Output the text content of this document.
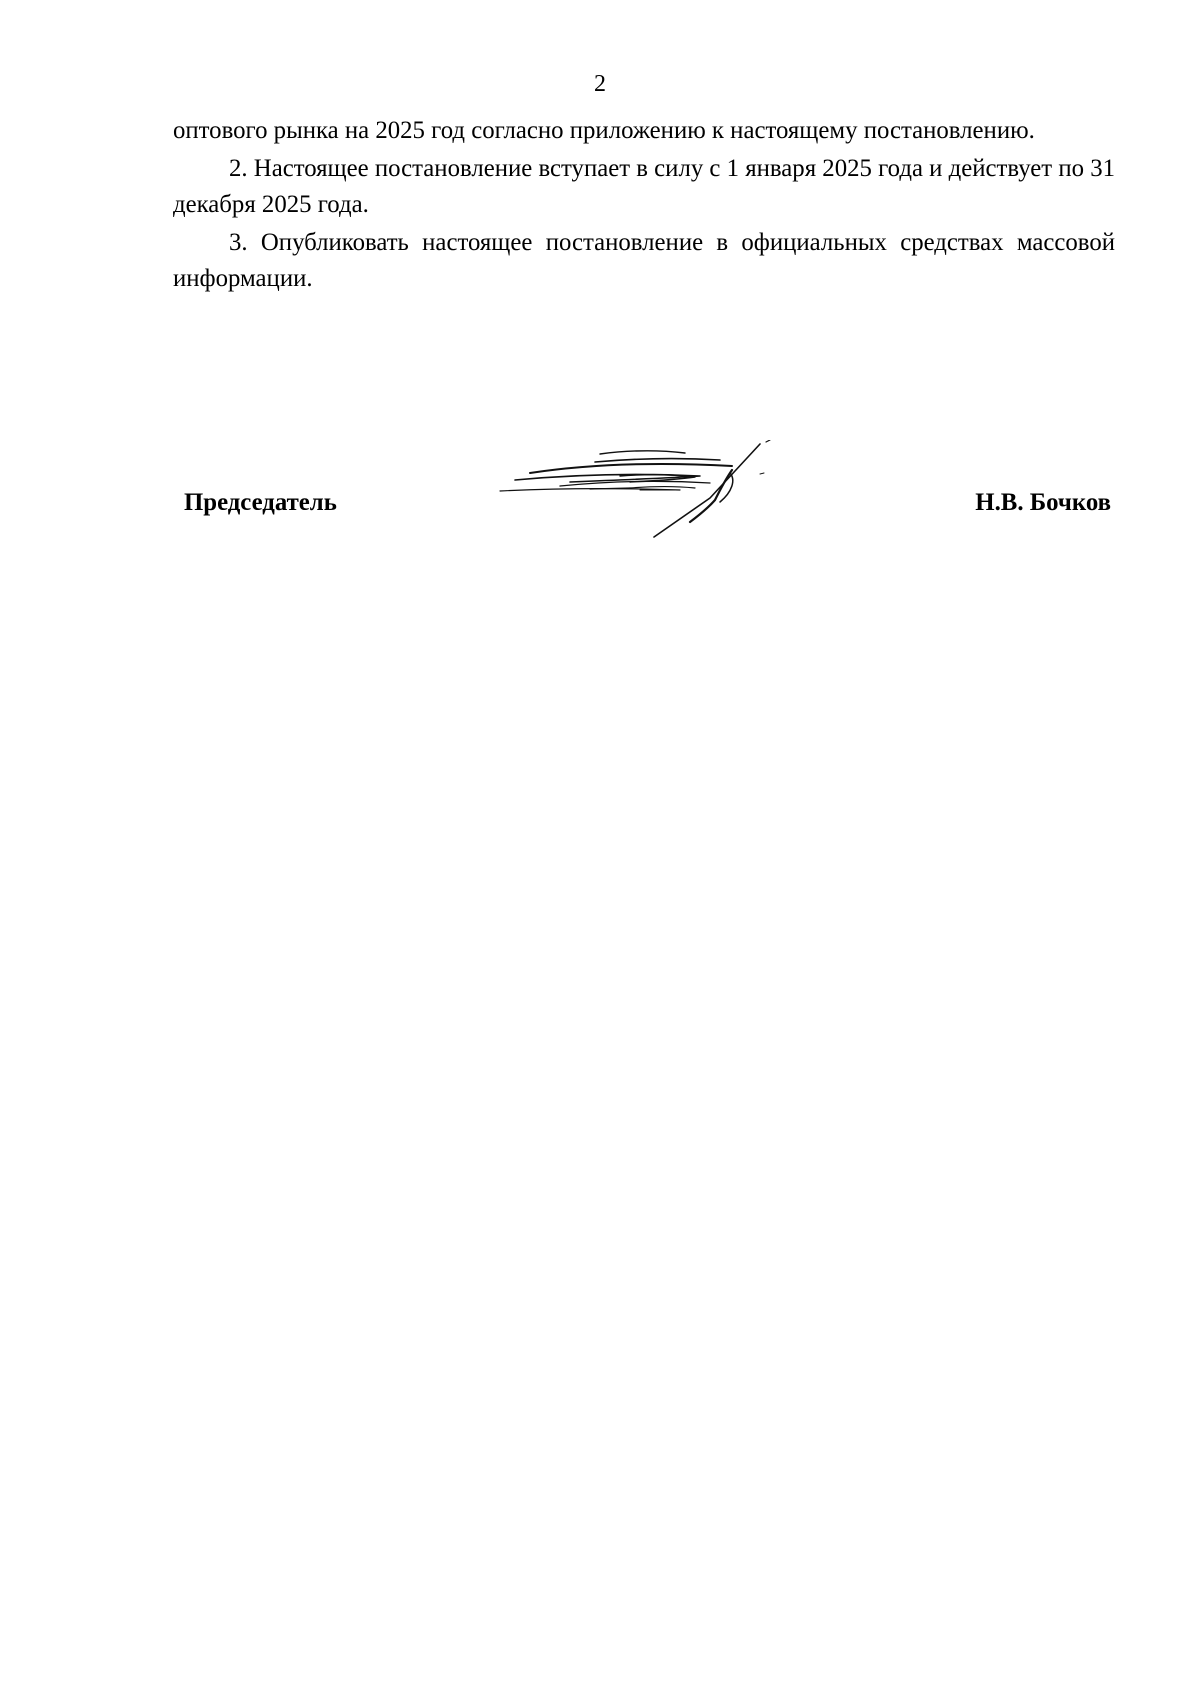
2

оптового рынка на 2025 год согласно приложению к настоящему постановлению.

2. Настоящее постановление вступает в силу с 1 января 2025 года и действует по 31 декабря 2025 года.

3. Опубликовать настоящее постановление в официальных средствах массовой информации.

Председатель	Н.В. Бочков
